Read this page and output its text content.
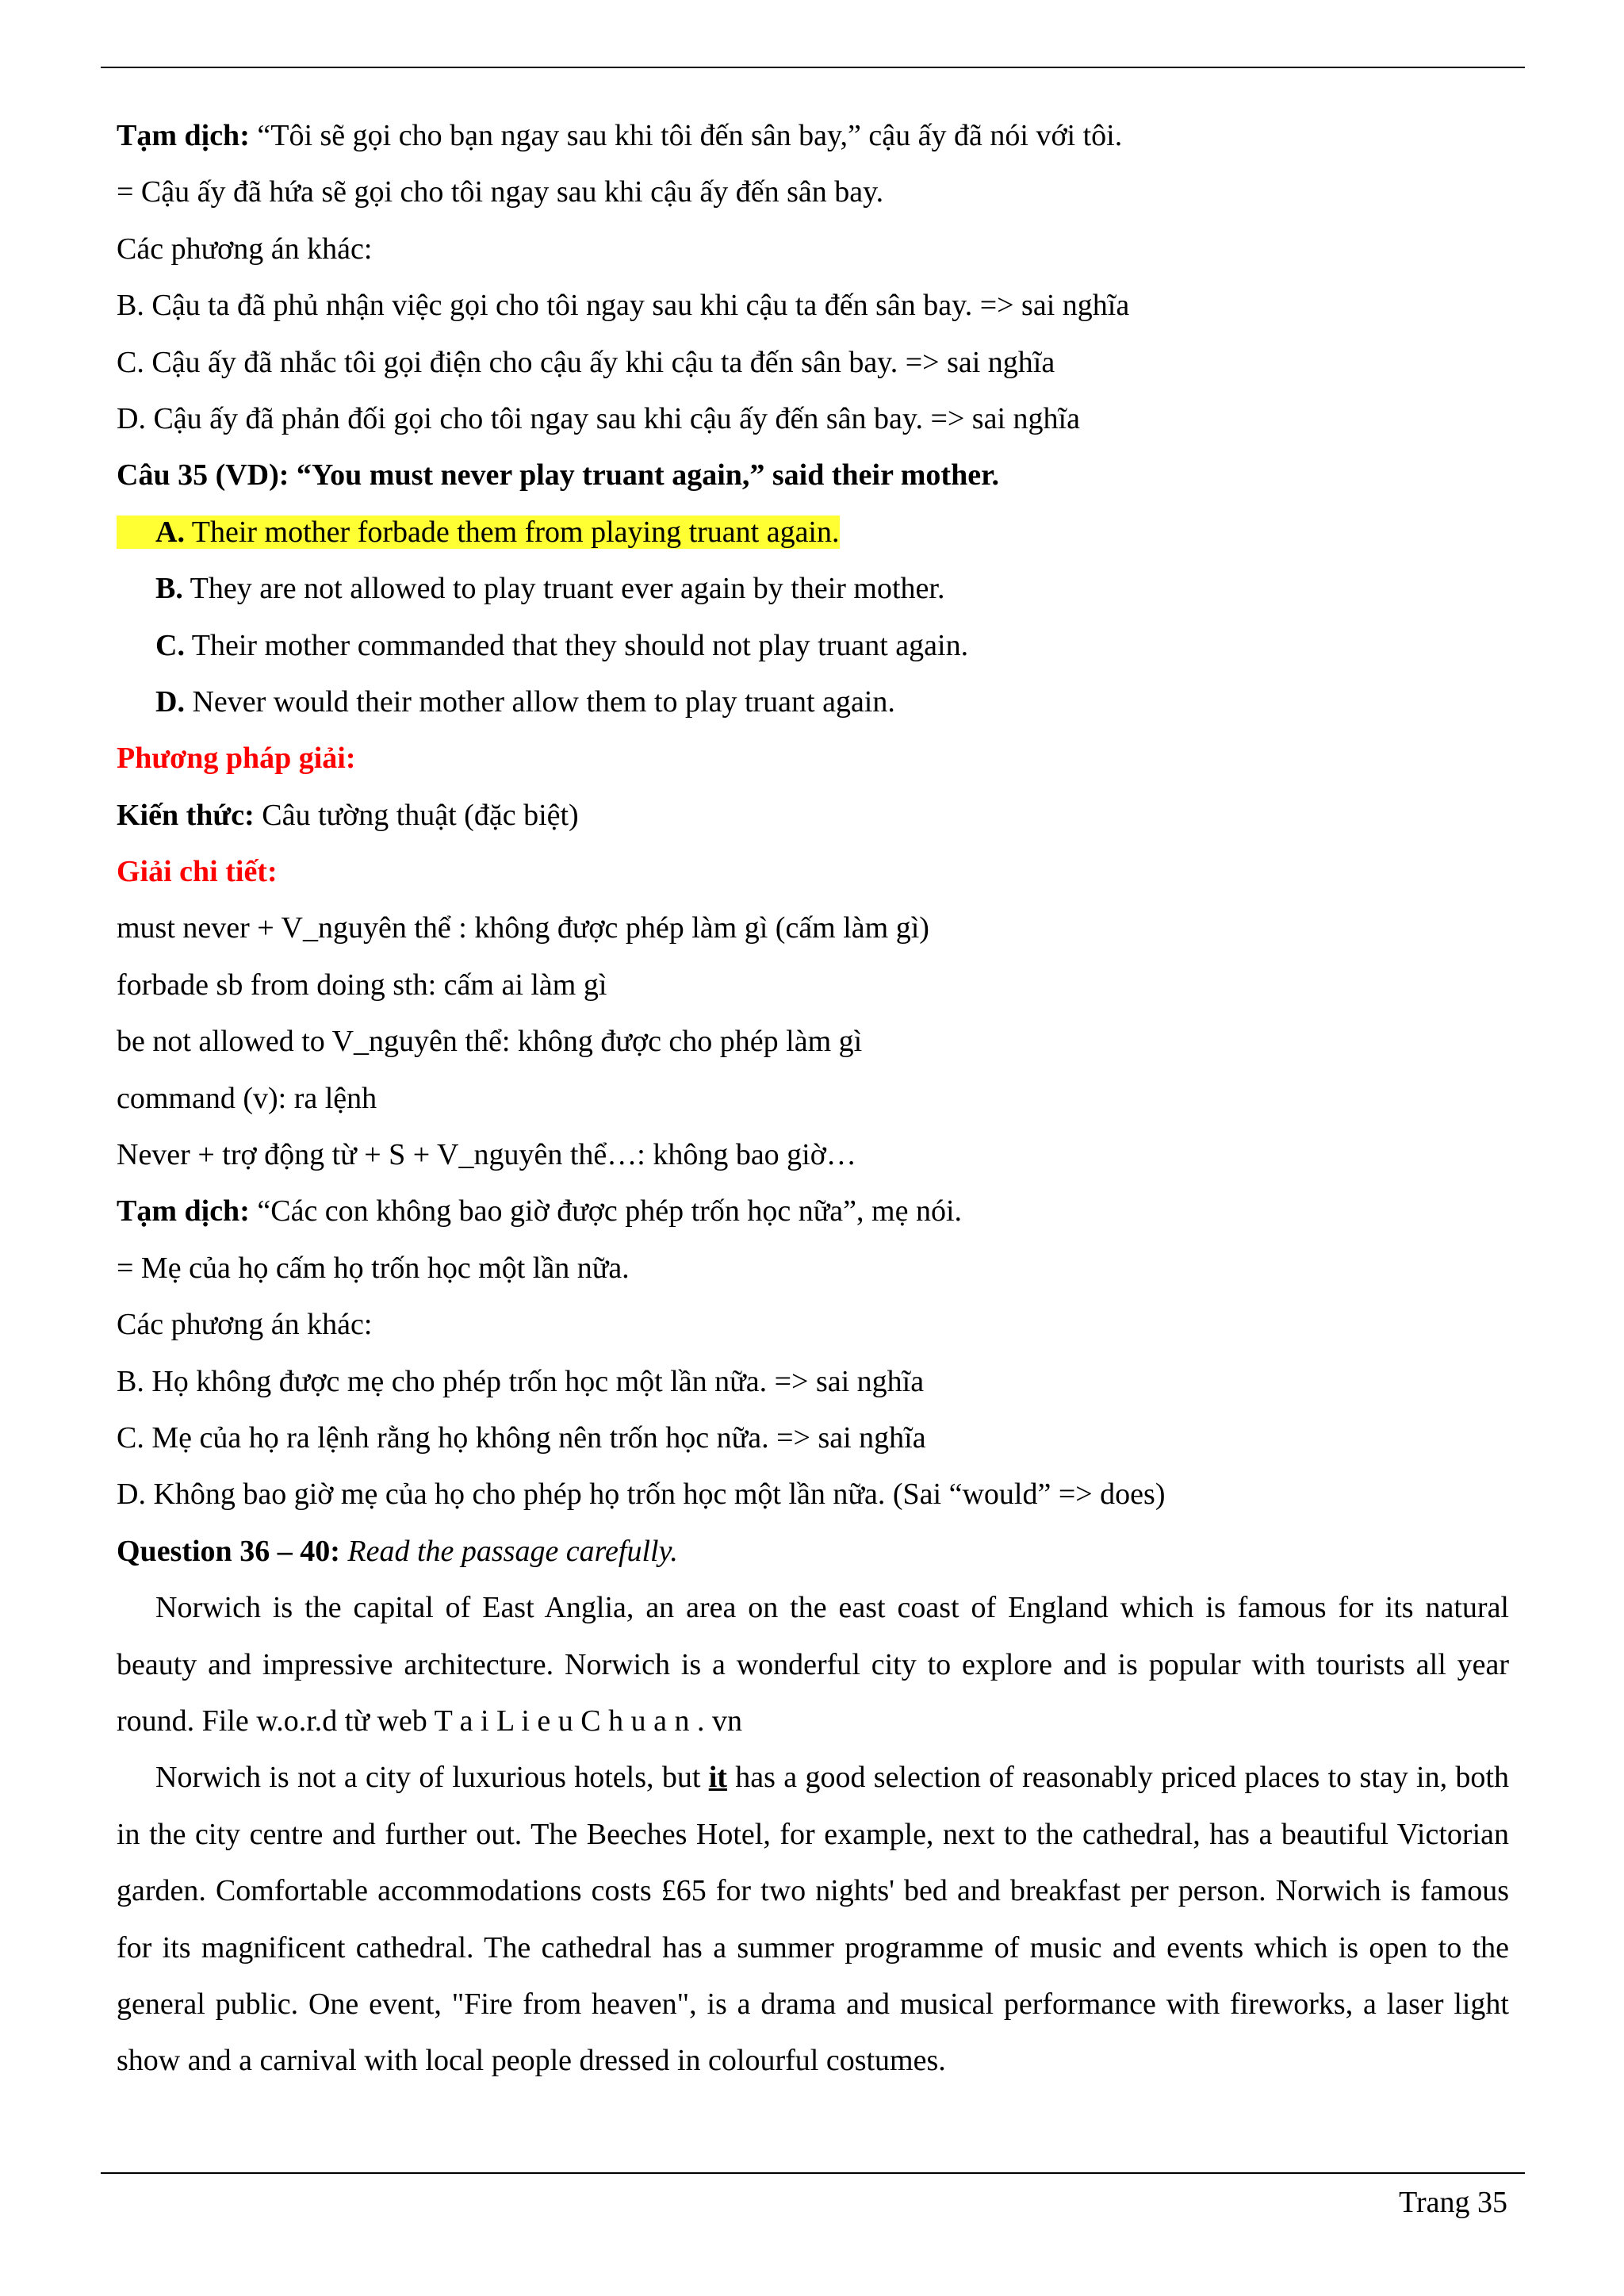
Tạm dịch: “Tôi sẽ gọi cho bạn ngay sau khi tôi đến sân bay,” cậu ấy đã nói với tôi.
= Cậu ấy đã hứa sẽ gọi cho tôi ngay sau khi cậu ấy đến sân bay.
Các phương án khác:
B. Cậu ta đã phủ nhận việc gọi cho tôi ngay sau khi cậu ta đến sân bay. => sai nghĩa
C. Cậu ấy đã nhắc tôi gọi điện cho cậu ấy khi cậu ta đến sân bay. => sai nghĩa
D. Cậu ấy đã phản đối gọi cho tôi ngay sau khi cậu ấy đến sân bay. => sai nghĩa
Câu 35 (VD): “You must never play truant again,” said their mother.
A. Their mother forbade them from playing truant again.
B. They are not allowed to play truant ever again by their mother.
C. Their mother commanded that they should not play truant again.
D. Never would their mother allow them to play truant again.
Phương pháp giải:
Kiến thức: Câu tường thuật (đặc biệt)
Giải chi tiết:
must never + V_nguyên thể : không được phép làm gì (cấm làm gì)
forbade sb from doing sth: cấm ai làm gì
be not allowed to V_nguyên thể: không được cho phép làm gì
command (v): ra lệnh
Never + trợ động từ + S + V_nguyên thể…: không bao giờ…
Tạm dịch: “Các con không bao giờ được phép trốn học nữa”, mẹ nói.
= Mẹ của họ cấm họ trốn học một lần nữa.
Các phương án khác:
B. Họ không được mẹ cho phép trốn học một lần nữa. => sai nghĩa
C. Mẹ của họ ra lệnh rằng họ không nên trốn học nữa. => sai nghĩa
D. Không bao giờ mẹ của họ cho phép họ trốn học một lần nữa. (Sai “would” => does)
Question 36 – 40: Read the passage carefully.

Norwich is the capital of East Anglia, an area on the east coast of England which is famous for its natural beauty and impressive architecture. Norwich is a wonderful city to explore and is popular with tourists all year round. File w.o.r.d từ web T a i L i e u C h u a n . vn

Norwich is not a city of luxurious hotels, but it has a good selection of reasonably priced places to stay in, both in the city centre and further out. The Beeches Hotel, for example, next to the cathedral, has a beautiful Victorian garden. Comfortable accommodations costs £65 for two nights' bed and breakfast per person. Norwich is famous for its magnificent cathedral. The cathedral has a summer programme of music and events which is open to the general public. One event, "Fire from heaven", is a drama and musical performance with fireworks, a laser light show and a carnival with local people dressed in colourful costumes.

Trang 35
